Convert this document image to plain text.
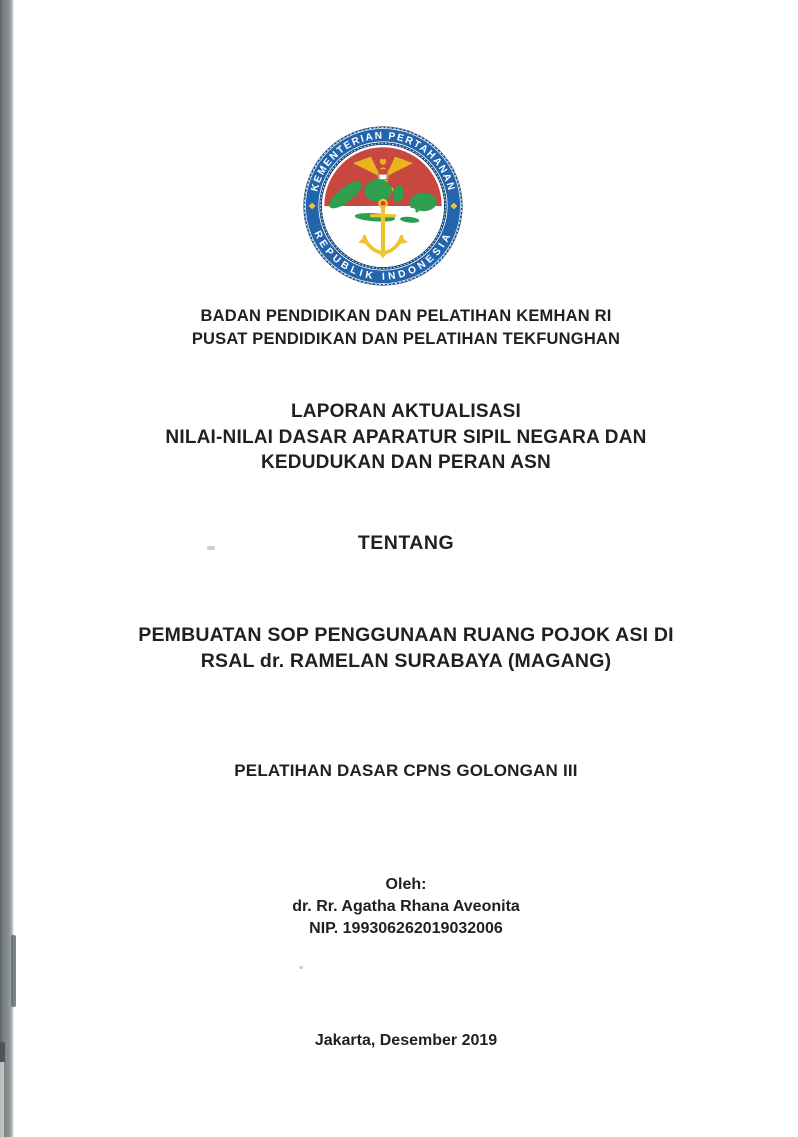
KEMENTERIAN PERTAHANAN
REPUBLIK INDONESIA
BADAN PENDIDIKAN DAN PELATIHAN KEMHAN RI
PUSAT PENDIDIKAN DAN PELATIHAN TEKFUNGHAN
LAPORAN AKTUALISASI
NILAI-NILAI DASAR APARATUR SIPIL NEGARA DAN
KEDUDUKAN DAN PERAN ASN
TENTANG
PEMBUATAN SOP PENGGUNAAN RUANG POJOK ASI DI
RSAL dr. RAMELAN SURABAYA (MAGANG)
PELATIHAN DASAR CPNS GOLONGAN III
Oleh:
dr. Rr. Agatha Rhana Aveonita
NIP. 199306262019032006
Jakarta, Desember 2019
